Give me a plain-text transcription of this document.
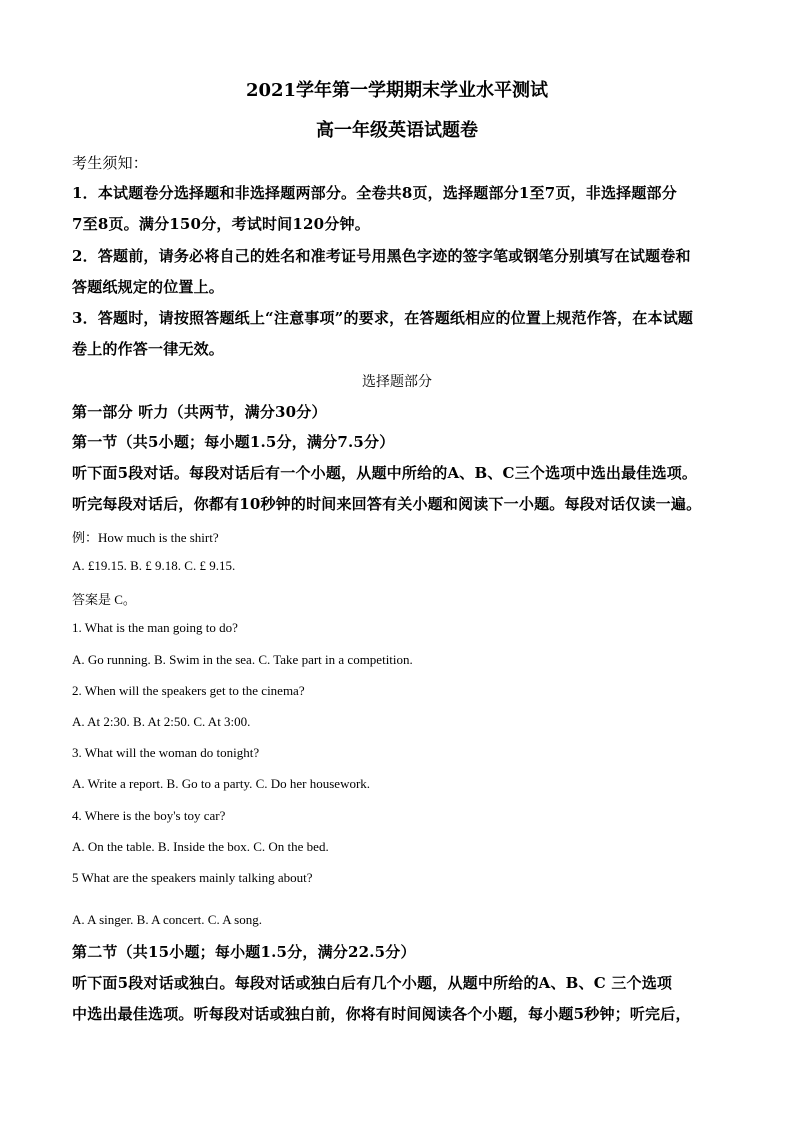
2021学年第一学期期末学业水平测试
高一年级英语试题卷
考生须知：
1．本试题卷分选择题和非选择题两部分。全卷共8页，选择题部分1至7页，非选择题部分
7至8页。满分150分，考试时间120分钟。
2．答题前，请务必将自己的姓名和准考证号用黑色字迹的签字笔或钢笔分别填写在试题卷和
答题纸规定的位置上。
3．答题时，请按照答题纸上“注意事项”的要求，在答题纸相应的位置上规范作答，在本试题
卷上的作答一律无效。
选择题部分
第一部分 听力（共两节，满分30分）
第一节（共5小题；每小题1.5分，满分7.5分）
听下面5段对话。每段对话后有一个小题，从题中所给的A、B、C三个选项中选出最佳选项。
听完每段对话后，你都有10秒钟的时间来回答有关小题和阅读下一小题。每段对话仅读一遍。
例：How much is the shirt?
A. £19.15. B. £ 9.18. C. £ 9.15.
答案是 C。
1. What is the man going to do?
A. Go running. B. Swim in the sea. C. Take part in a competition.
2. When will the speakers get to the cinema?
A. At 2:30. B. At 2:50. C. At 3:00.
3. What will the woman do tonight?
A. Write a report. B. Go to a party. C. Do her housework.
4. Where is the boy's toy car?
A. On the table. B. Inside the box. C. On the bed.
5 What are the speakers mainly talking about?
A. A singer. B. A concert. C. A song.
第二节（共15小题；每小题1.5分，满分22.5分）
听下面5段对话或独白。每段对话或独白后有几个小题，从题中所给的A、B、C 三个选项
中选出最佳选项。听每段对话或独白前，你将有时间阅读各个小题，每小题5秒钟；听完后，
